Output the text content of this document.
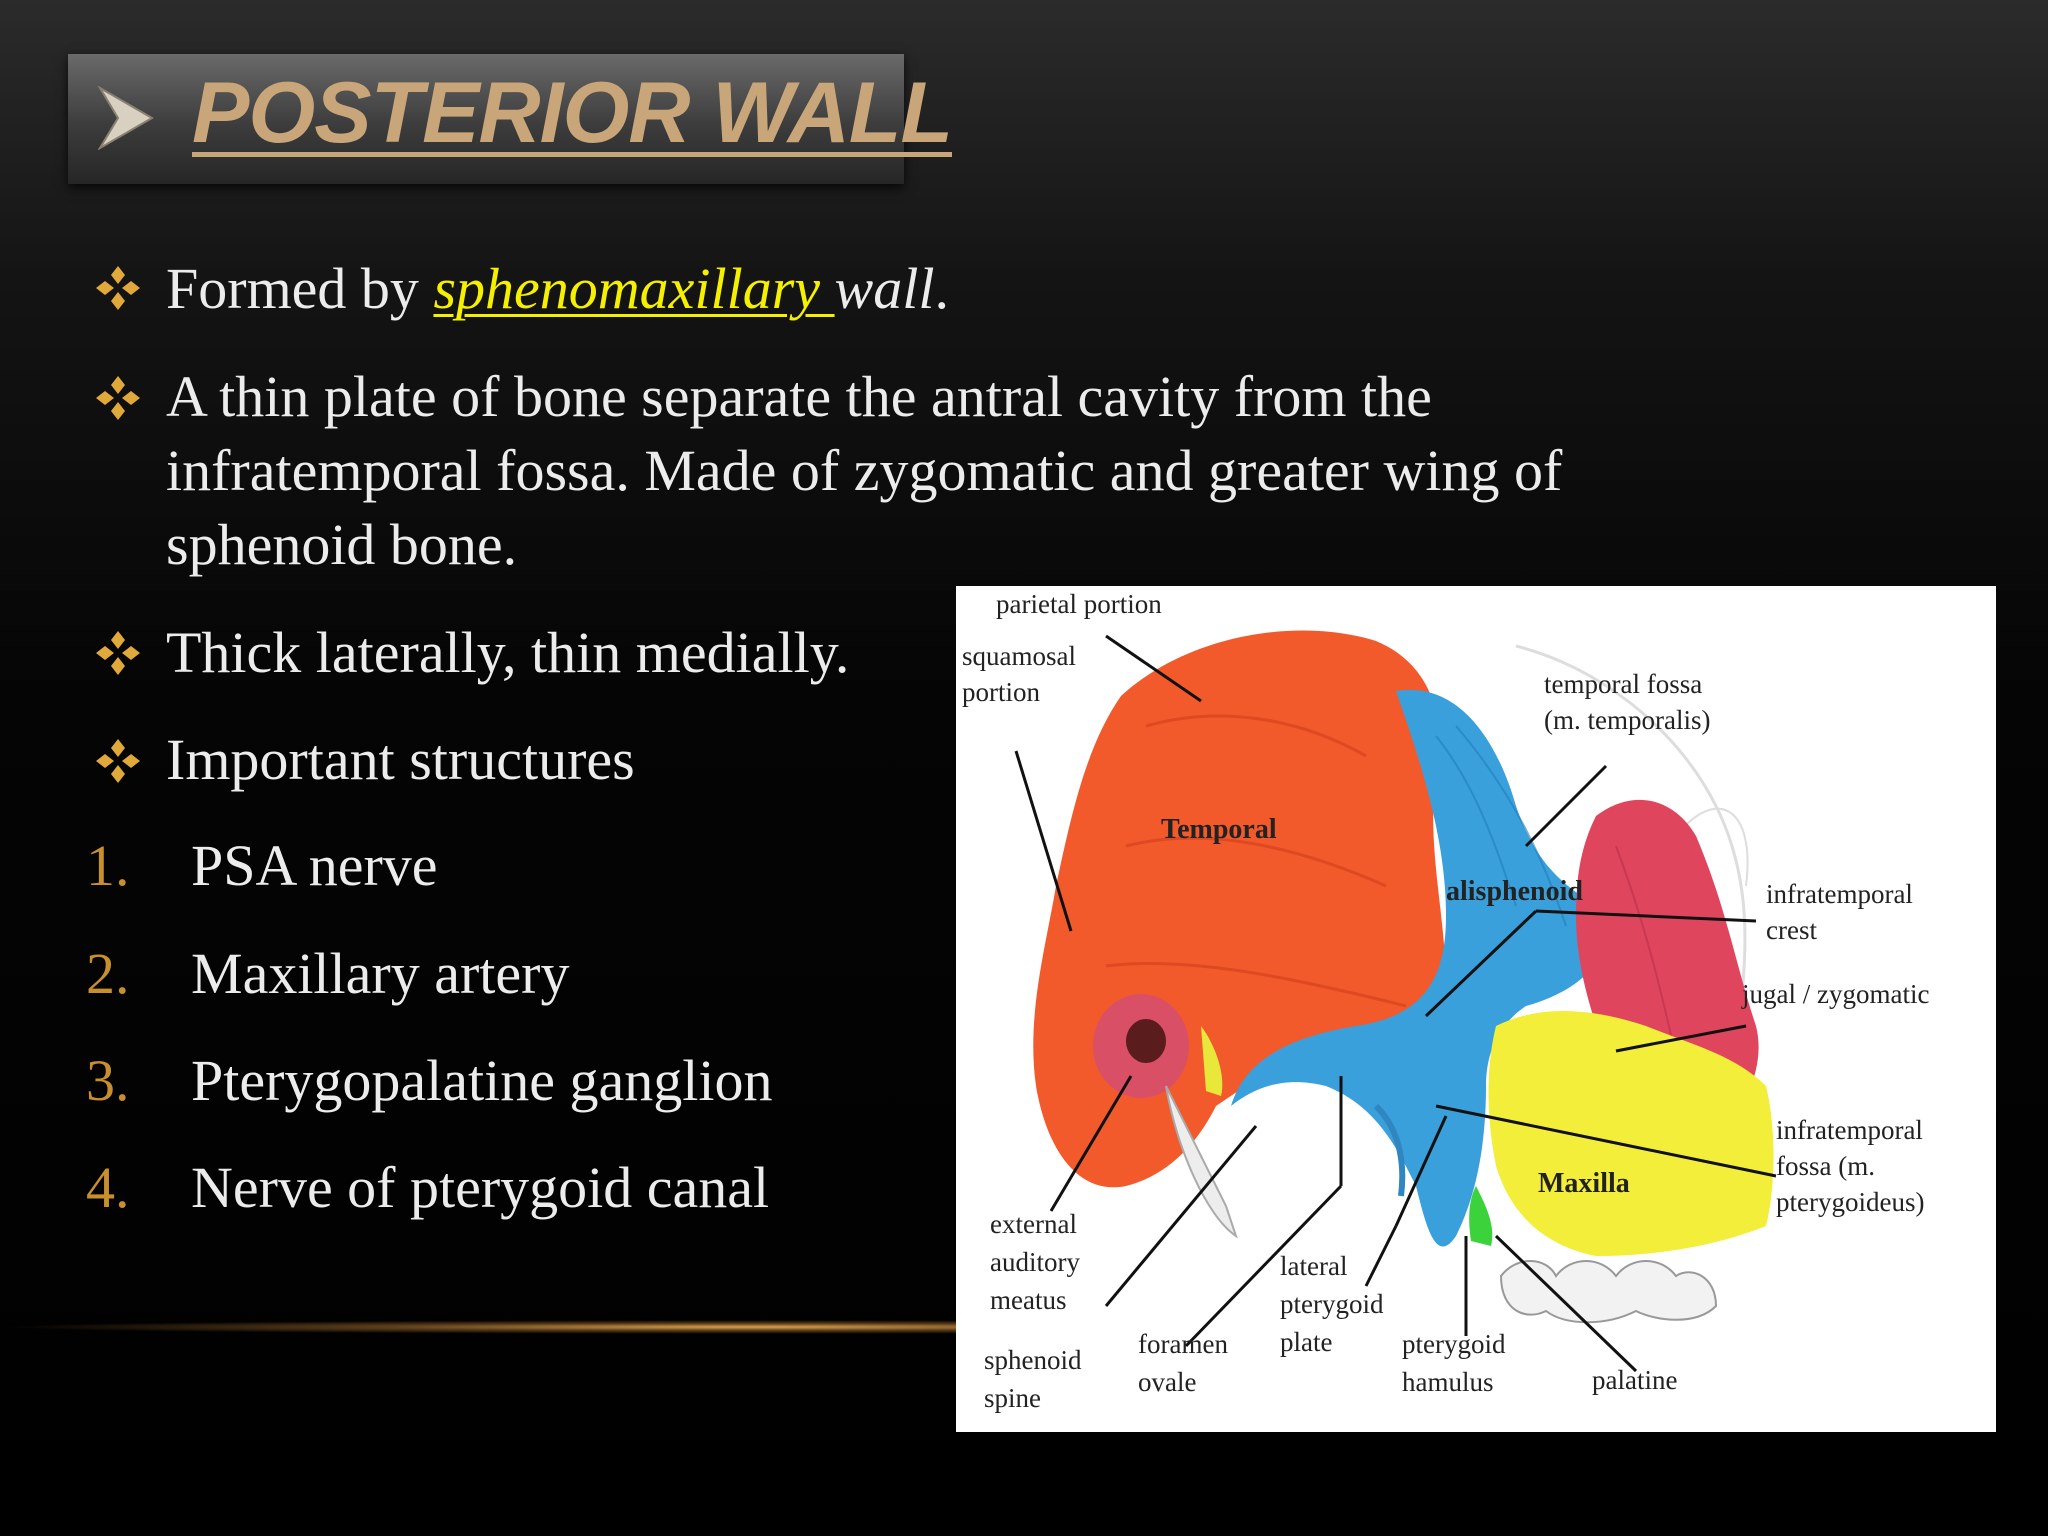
POSTERIOR WALL
Formed by sphenomaxillary wall.
A thin plate of bone separate the antral cavity from the
infratemporal fossa. Made of zygomatic and greater wing of
sphenoid bone.
Thick laterally, thin medially.
Important structures
1. PSA nerve
2. Maxillary artery
3. Pterygopalatine ganglion
4. Nerve of pterygoid canal
parietal portion
squamosal
portion	temporal fossa
(m. temporalis)
Temporal
alisphenoid	infratemporal
crest
jugal / zygomatic
infratemporal
fossa (m.
pterygoideus)
Maxilla
external
auditory
meatus
lateral
pterygoid
plate
sphenoid
spine
foramen
ovale
pterygoid
hamulus	palatine
